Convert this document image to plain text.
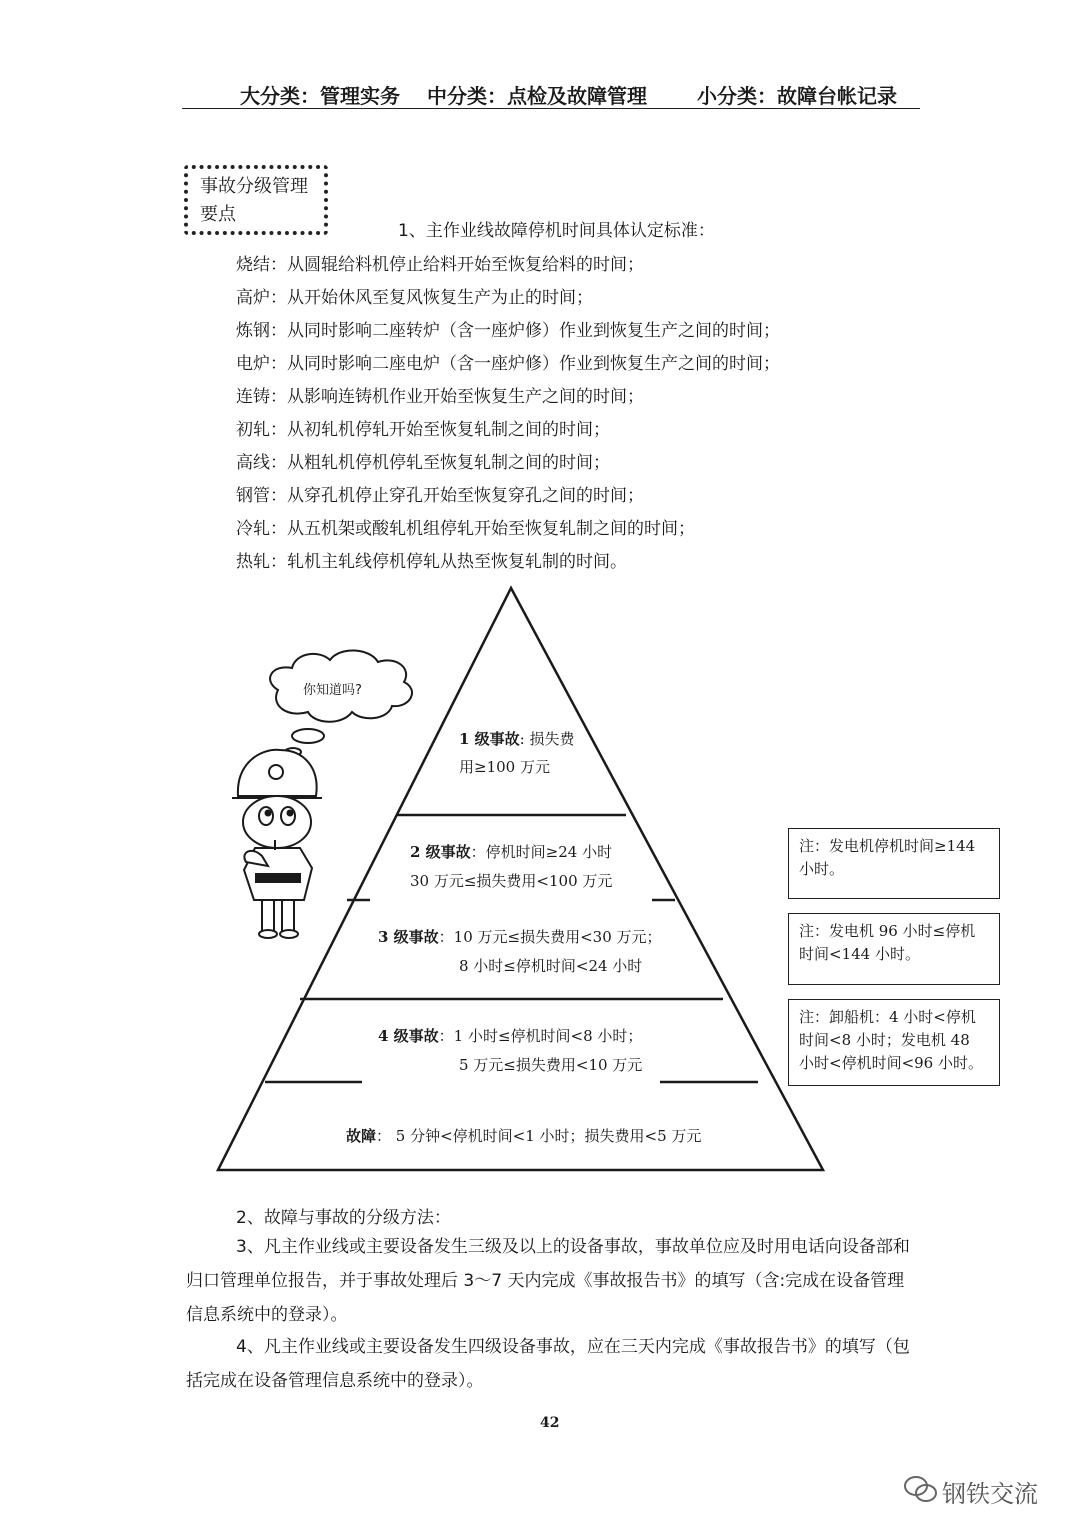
大分类：管理实务 中分类：点检及故障管理	小分类：故障台帐记录
事故分级管理
要点
1、主作业线故障停机时间具体认定标准：
烧结：从圆辊给料机停止给料开始至恢复给料的时间；
高炉：从开始休风至复风恢复生产为止的时间；
炼钢：从同时影响二座转炉（含一座炉修）作业到恢复生产之间的时间；
电炉：从同时影响二座电炉（含一座炉修）作业到恢复生产之间的时间；
连铸：从影响连铸机作业开始至恢复生产之间的时间；
初轧：从初轧机停轧开始至恢复轧制之间的时间；
高线：从粗轧机停机停轧至恢复轧制之间的时间；
钢管：从穿孔机停止穿孔开始至恢复穿孔之间的时间；
冷轧：从五机架或酸轧机组停轧开始至恢复轧制之间的时间；
热轧：轧机主轧线停机停轧从热至恢复轧制的时间。
你知道吗?
1 级事故: 损失费
用≥100 万元
2 级事故：停机时间≥24 小时
30 万元≤损失费用<100 万元
3 级事故：10 万元≤损失费用<30 万元；
8 小时≤停机时间<24 小时
4 级事故：1 小时≤停机时间<8 小时；
5 万元≤损失费用<10 万元
故障： 5 分钟<停机时间<1 小时；损失费用<5 万元
注：发电机停机时间≥144
小时。
注：发电机 96 小时≤停机
时间<144 小时。
注：卸船机：4 小时<停机
时间<8 小时；发电机 48
小时<停机时间<96 小时。
2、故障与事故的分级方法：
3、凡主作业线或主要设备发生三级及以上的设备事故，事故单位应及时用电话向设备部和归口管理单位报告，并于事故处理后 3～7 天内完成《事故报告书》的填写（含:完成在设备管理信息系统中的登录）。
4、凡主作业线或主要设备发生四级设备事故，应在三天内完成《事故报告书》的填写（包括完成在设备管理信息系统中的登录）。
42
钢铁交流
